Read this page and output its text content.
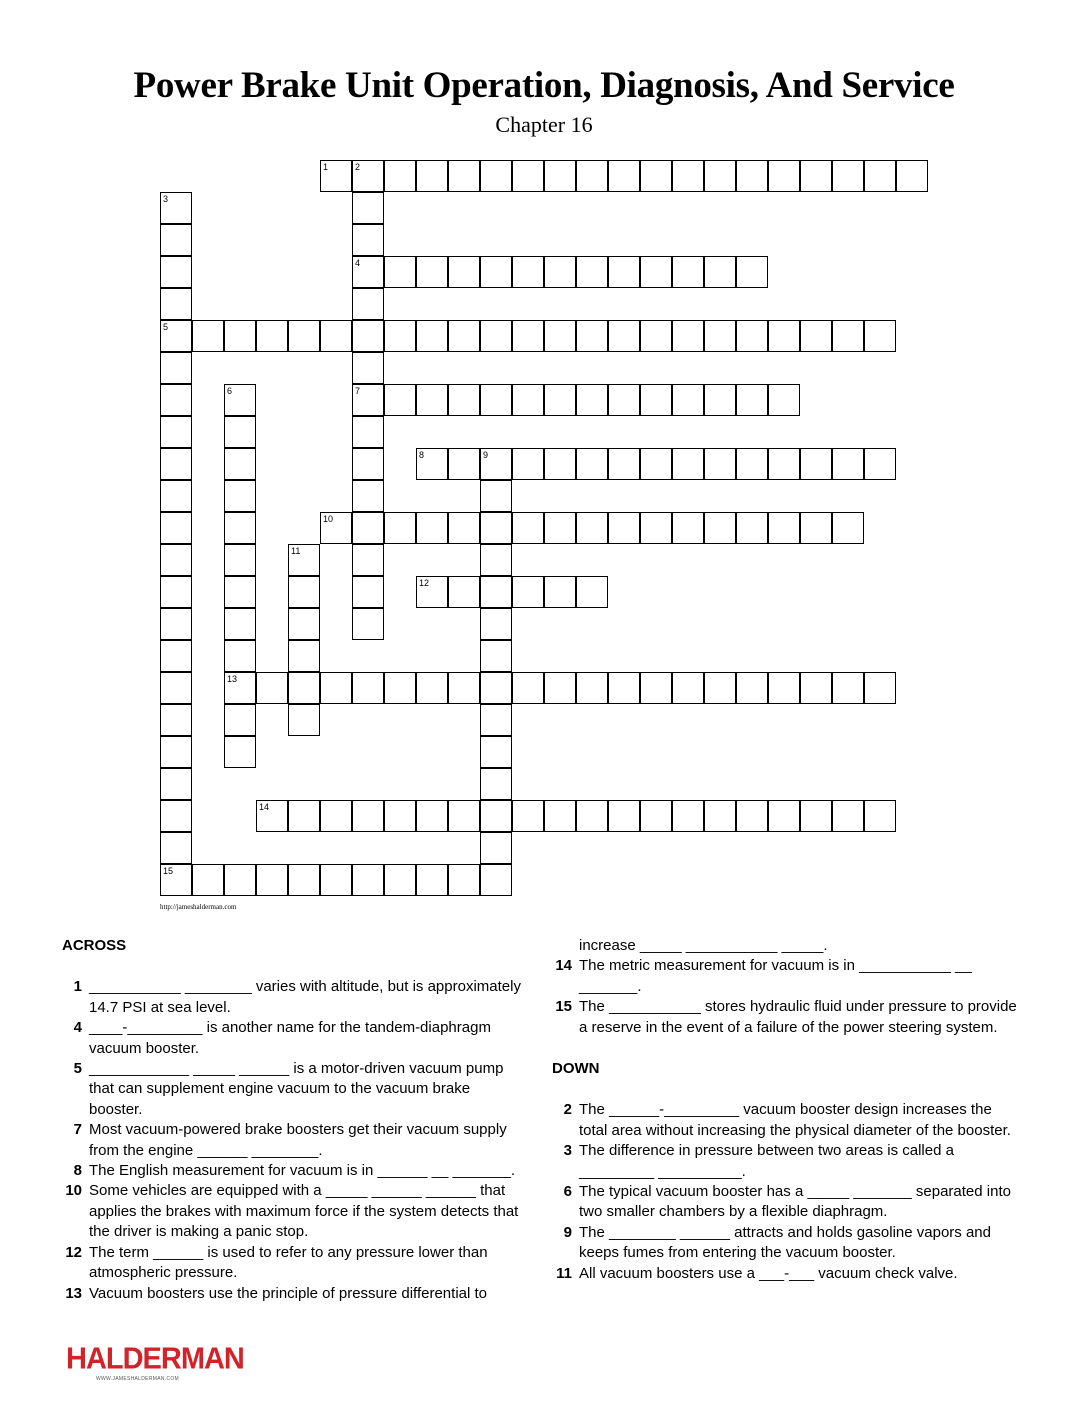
Power Brake Unit Operation, Diagnosis, And Service
Chapter 16
1	2
4
7
3
5
6
13
8	9
10
11
12
14
15
http://jameshalderman.com
ACROSS
1 ___________ ________ varies with altitude, but is approximately 14.7 PSI at sea level.
4 ____-_________ is another name for the tandem-diaphragm vacuum booster.
5 ____________ _____ ______ is a motor-driven vacuum pump that can supplement engine vacuum to the vacuum brake booster.
7 Most vacuum-powered brake boosters get their vacuum supply from the engine ______ ________.
8 The English measurement for vacuum is in ______ __ _______.
10 Some vehicles are equipped with a _____ ______ ______ that applies the brakes with maximum force if the system detects that the driver is making a panic stop.
12 The term ______ is used to refer to any pressure lower than atmospheric pressure.
13 Vacuum boosters use the principle of pressure differential to
increase _____ ___________ _____.
14 The metric measurement for vacuum is in ___________ __ _______.
15 The ___________ stores hydraulic fluid under pressure to provide a reserve in the event of a failure of the power steering system.
DOWN
2 The ______-_________ vacuum booster design increases the total area without increasing the physical diameter of the booster.
3 The difference in pressure between two areas is called a _________ __________.
6 The typical vacuum booster has a _____ _______ separated into two smaller chambers by a flexible diaphragm.
9 The ________ ______ attracts and holds gasoline vapors and keeps fumes from entering the vacuum booster.
11 All vacuum boosters use a ___-___ vacuum check valve.
HALDERMAN
WWW.JAMESHALDERMAN.COM
